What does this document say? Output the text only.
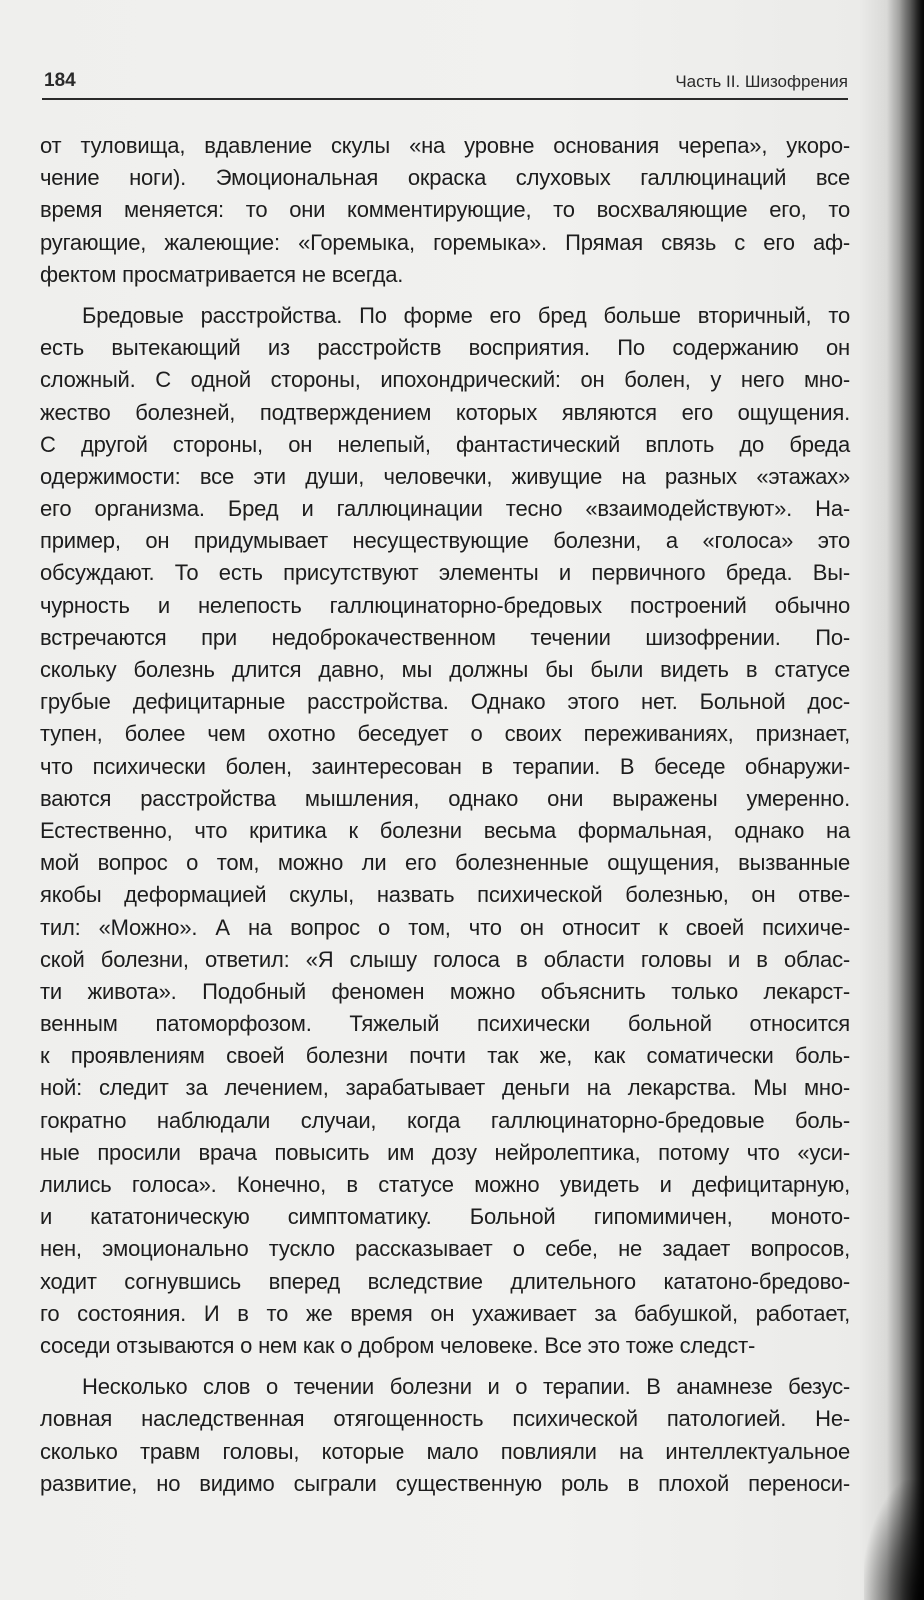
184	Часть II. Шизофрения
от туловища, вдавление скулы «на уровне основания черепа», укоро-
чение ноги). Эмоциональная окраска слуховых галлюцинаций все
время меняется: то они комментирующие, то восхваляющие его, то
ругающие, жалеющие: «Горемыка, горемыка». Прямая связь с его аф-
фектом просматривается не всегда.
Бредовые расстройства. По форме его бред больше вторичный, то
есть вытекающий из расстройств восприятия. По содержанию он
сложный. С одной стороны, ипохондрический: он болен, у него мно-
жество болезней, подтверждением которых являются его ощущения.
С другой стороны, он нелепый, фантастический вплоть до бреда
одержимости: все эти души, человечки, живущие на разных «этажах»
его организма. Бред и галлюцинации тесно «взаимодействуют». На-
пример, он придумывает несуществующие болезни, а «голоса» это
обсуждают. То есть присутствуют элементы и первичного бреда. Вы-
чурность и нелепость галлюцинаторно-бредовых построений обычно
встречаются при недоброкачественном течении шизофрении. По-
скольку болезнь длится давно, мы должны бы были видеть в статусе
грубые дефицитарные расстройства. Однако этого нет. Больной дос-
тупен, более чем охотно беседует о своих переживаниях, признает,
что психически болен, заинтересован в терапии. В беседе обнаружи-
ваются расстройства мышления, однако они выражены умеренно.
Естественно, что критика к болезни весьма формальная, однако на
мой вопрос о том, можно ли его болезненные ощущения, вызванные
якобы деформацией скулы, назвать психической болезнью, он отве-
тил: «Можно». А на вопрос о том, что он относит к своей психиче-
ской болезни, ответил: «Я слышу голоса в области головы и в облас-
ти живота». Подобный феномен можно объяснить только лекарст-
венным патоморфозом. Тяжелый психически больной относится
к проявлениям своей болезни почти так же, как соматически боль-
ной: следит за лечением, зарабатывает деньги на лекарства. Мы мно-
гократно наблюдали случаи, когда галлюцинаторно-бредовые боль-
ные просили врача повысить им дозу нейролептика, потому что «уси-
лились голоса». Конечно, в статусе можно увидеть и дефицитарную,
и кататоническую симптоматику. Больной гипомимичен, моното-
нен, эмоционально тускло рассказывает о себе, не задает вопросов,
ходит согнувшись вперед вследствие длительного кататоно-бредово-
го состояния. И в то же время он ухаживает за бабушкой, работает,
соседи отзываются о нем как о добром человеке. Все это тоже следст-
Несколько слов о течении болезни и о терапии. В анамнезе безус-
ловная наследственная отягощенность психической патологией. Не-
сколько травм головы, которые мало повлияли на интеллектуальное
развитие, но видимо сыграли существенную роль в плохой переноси-
